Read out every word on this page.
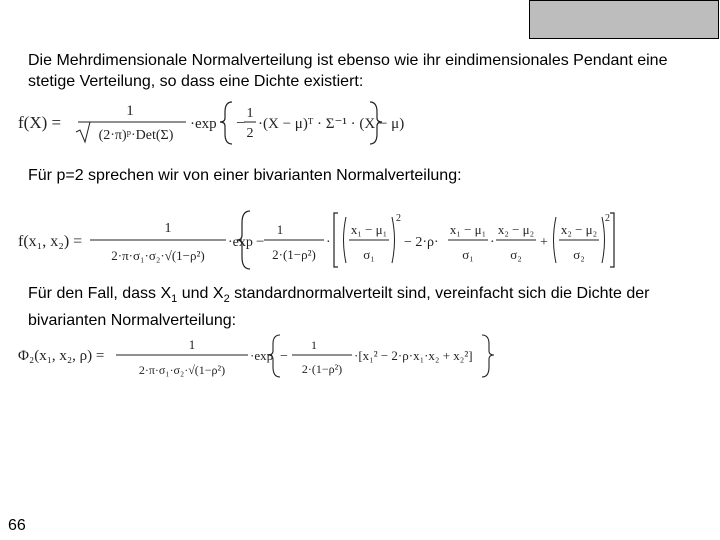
Die Mehrdimensionale Normalverteilung ist ebenso wie ihr eindimensionales Pendant eine stetige Verteilung, so dass eine Dichte existiert:

f(X) =
1
(2·π)ᵖ·Det(Σ)
·exp −
1
2
·(X − μ)ᵀ · Σ⁻¹ · (X − μ)

Für p=2 sprechen wir von einer bivarianten Normalverteilung:

f(x₁, x₂) =
1
2·π·σ₁·σ₂·√(1−ρ²)
·exp −
1
2·(1−ρ²)
·
x₁ − μ₁
σ₁
2
− 2·ρ·
x₁ − μ₁
σ₁
·
x₂ − μ₂
σ₂
+
x₂ − μ₂
σ₂
2

Für den Fall, dass $X_1$ und $X_2$ standardnormalverteilt sind, vereinfacht sich die Dichte der bivarianten Normalverteilung:

Φ₂(x₁, x₂, ρ) =
1
2·π·σ₁·σ₂·√(1−ρ²)
·exp −
1
2·(1−ρ²)
·[x₁² − 2·ρ·x₁·x₂ + x₂²]
66
